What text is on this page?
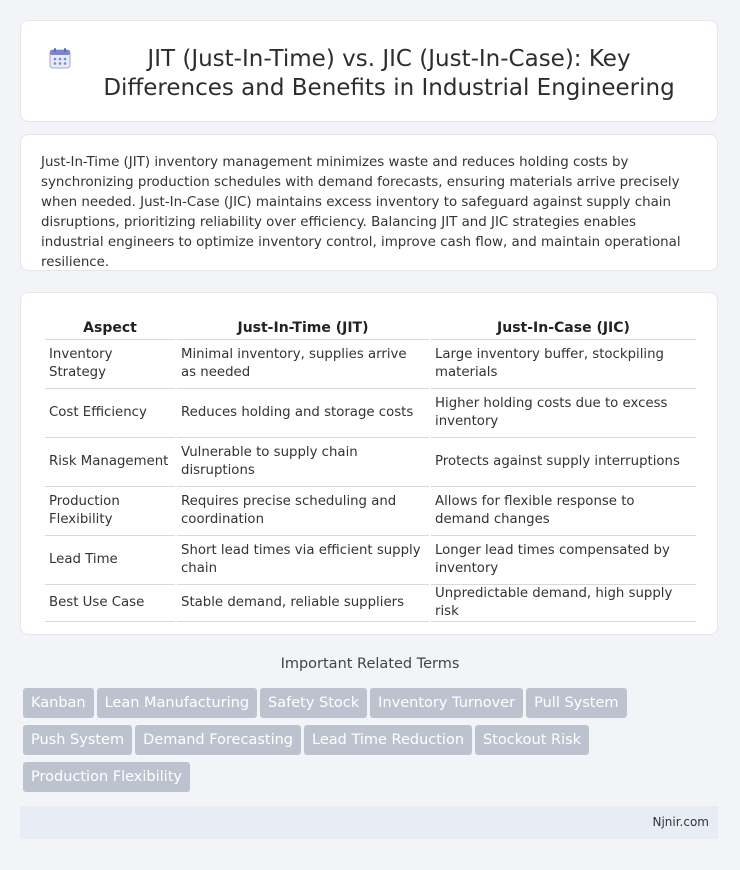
JIT (Just-In-Time) vs. JIC (Just-In-Case): Key Differences and Benefits in Industrial Engineering

Just-In-Time (JIT) inventory management minimizes waste and reduces holding costs by synchronizing production schedules with demand forecasts, ensuring materials arrive precisely when needed. Just-In-Case (JIC) maintains excess inventory to safeguard against supply chain disruptions, prioritizing reliability over efficiency. Balancing JIT and JIC strategies enables industrial engineers to optimize inventory control, improve cash flow, and maintain operational resilience.

Aspect	Just-In-Time (JIT)	Just-In-Case (JIC)
Inventory Strategy	Minimal inventory, supplies arrive as needed	Large inventory buffer, stockpiling materials
Cost Efficiency	Reduces holding and storage costs	Higher holding costs due to excess inventory
Risk Management	Vulnerable to supply chain disruptions	Protects against supply interruptions
Production Flexibility	Requires precise scheduling and coordination	Allows for flexible response to demand changes
Lead Time	Short lead times via efficient supply chain	Longer lead times compensated by inventory
Best Use Case	Stable demand, reliable suppliers	Unpredictable demand, high supply risk
Important Related Terms
Kanban Lean Manufacturing Safety Stock Inventory Turnover Pull System
Push System Demand Forecasting Lead Time Reduction Stockout Risk
Production Flexibility
Njnir.com
